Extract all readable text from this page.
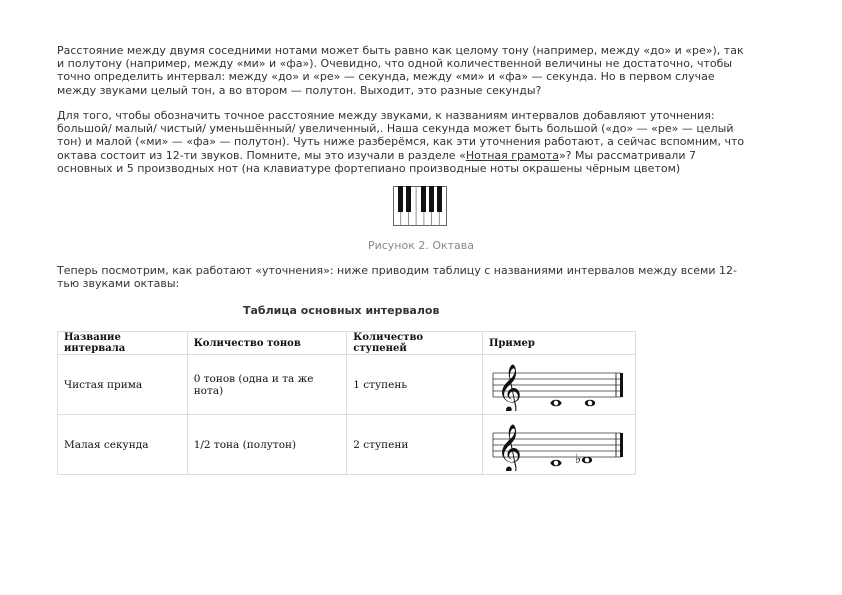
Расстояние между двумя соседними нотами может быть равно как целому тону (например, между «до» и «ре»), так
и полутону (например, между «ми» и «фа»). Очевидно, что одной количественной величины не достаточно, чтобы
точно определить интервал: между «до» и «ре» — секунда, между «ми» и «фа» — секунда. Но в первом случае
между звуками целый тон, а во втором — полутон. Выходит, это разные секунды?

Для того, чтобы обозначить точное расстояние между звуками, к названиям интервалов добавляют уточнения:
большой/ малый/ чистый/ уменьшённый/ увеличенный,. Наша секунда может быть большой («до» — «ре» — целый
тон) и малой («ми» — «фа» — полутон). Чуть ниже разберёмся, как эти уточнения работают, а сейчас вспомним, что
октава состоит из 12-ти звуков. Помните, мы это изучали в разделе «Нотная грамота»? Мы рассматривали 7
основных и 5 производных нот (на клавиатуре фортепиано производные ноты окрашены чёрным цветом)

Рисунок 2. Октава

Теперь посмотрим, как работают «уточнения»: ниже приводим таблицу с названиями интервалов между всеми 12-
тью звуками октавы:

Таблица основных интервалов
Название интервала	Количество тонов	Количество ступеней	Пример
Чистая прима	0 тонов (одна и та же нота)	1 ступень	𝄞

Малая секунда	1/2 тона (полутон)	2 ступени	𝄞 ♭
